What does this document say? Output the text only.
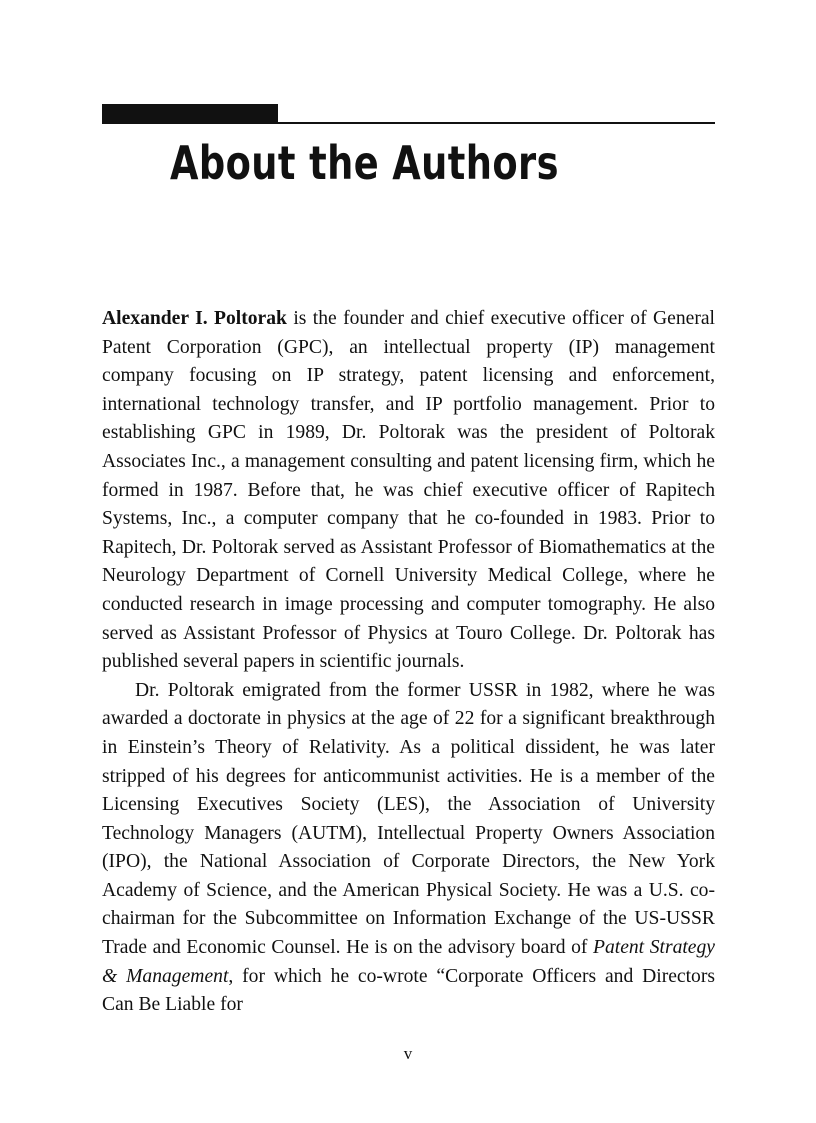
About the Authors

Alexander I. Poltorak is the founder and chief executive officer of General Patent Corporation (GPC), an intellectual property (IP) management company focusing on IP strategy, patent licensing and enforcement, international technology transfer, and IP portfolio management. Prior to establishing GPC in 1989, Dr. Poltorak was the president of Poltorak Associates Inc., a management consulting and patent licensing firm, which he formed in 1987. Before that, he was chief executive officer of Rapitech Systems, Inc., a computer company that he co-founded in 1983. Prior to Rapitech, Dr. Poltorak served as Assistant Professor of Biomathematics at the Neurology Department of Cornell University Medical College, where he conducted research in image processing and computer tomography. He also served as Assistant Professor of Physics at Touro College. Dr. Poltorak has published several papers in scientific journals.

Dr. Poltorak emigrated from the former USSR in 1982, where he was awarded a doctorate in physics at the age of 22 for a significant breakthrough in Einstein’s Theory of Relativity. As a political dissident, he was later stripped of his degrees for anticommunist activities. He is a member of the Licensing Executives Society (LES), the Association of University Technology Managers (AUTM), Intellectual Property Owners Association (IPO), the National Association of Corporate Directors, the New York Academy of Science, and the American Physical Society. He was a U.S. co-chairman for the Subcommittee on Information Exchange of the US-USSR Trade and Economic Counsel. He is on the advisory board of Patent Strategy & Management, for which he co-wrote “Corporate Officers and Directors Can Be Liable for

v
